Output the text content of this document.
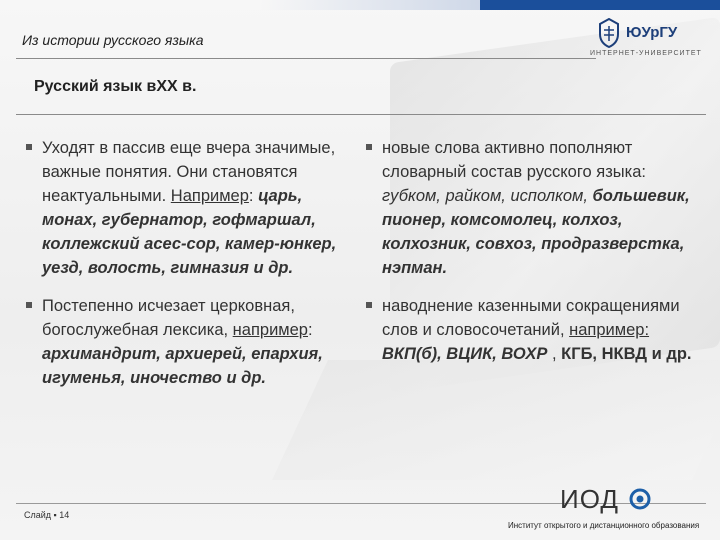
Из истории русского языка	ЮУрГУ
ИНТЕРНЕТ-УНИВЕРСИТЕТ
Русский язык вXX в.
Уходят в пассив еще вчера значимые, важные понятия. Они становятся неактуальными. Например: царь, монах, губернатор, гофмаршал, коллежский асес-сор, камер-юнкер, уезд, волость, гимназия и др.
Постепенно исчезает церковная, богослужебная лексика, например: архимандрит, архиерей, епархия, игуменья, иночество и др.
новые слова активно пополняют словарный состав русского языка: губком, райком, исполком, большевик, пионер, комсомолец, колхоз, колхозник, совхоз, продразверстка, нэпман.
наводнение казенными сокращениями слов и словосочетаний, например: ВКП(б), ВЦИК, ВОХР , КГБ, НКВД и др.
Слайд ▪ 14
ИОД
Институт открытого и дистанционного образования
